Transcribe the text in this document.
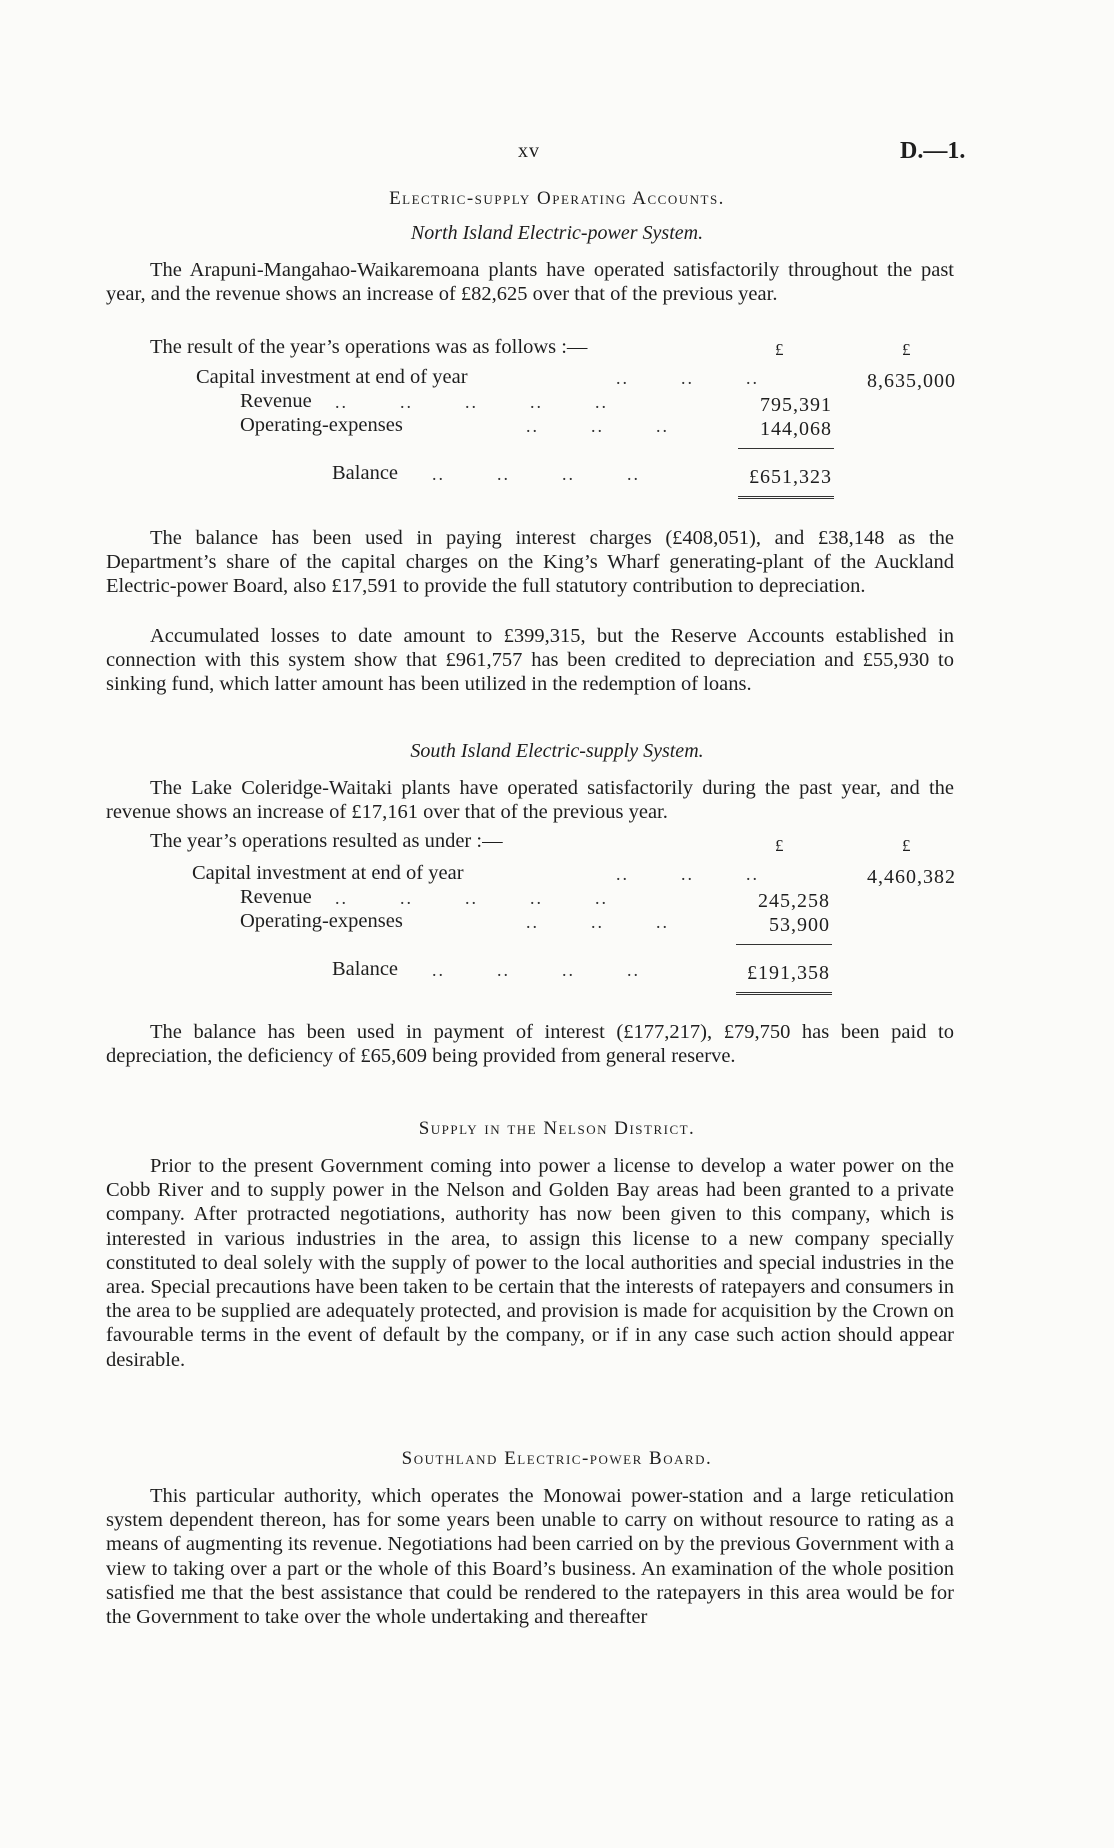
xv	D.—1.
Electric-supply Operating Accounts.
North Island Electric-power System.

The Arapuni-Mangahao-Waikaremoana plants have operated satisfactorily throughout the past year, and the revenue shows an increase of £82,625 over that of the previous year.

The result of the year’s operations was as follows :—	£	£
Capital investment at end of year	..        ..        ..	8,635,000
Revenue ..        ..        ..        ..        ..	795,391
Operating-expenses	..        ..        ..	144,068
Balance ..        ..        ..        ..	£651,323

The balance has been used in paying interest charges (£408,051), and £38,148 as the Department’s share of the capital charges on the King’s Wharf generating-plant of the Auckland Electric-power Board, also £17,591 to provide the full statutory contribution to depreciation.

Accumulated losses to date amount to £399,315, but the Reserve Accounts established in connection with this system show that £961,757 has been credited to depreciation and £55,930 to sinking fund, which latter amount has been utilized in the redemption of loans.

South Island Electric-supply System.

The Lake Coleridge-Waitaki plants have operated satisfactorily during the past year, and the revenue shows an increase of £17,161 over that of the previous year.

The year’s operations resulted as under :—	£	£
Capital investment at end of year	..        ..        ..	4,460,382
Revenue ..        ..        ..        ..        ..	245,258
Operating-expenses	..        ..        ..	53,900
Balance ..        ..        ..        ..	£191,358

The balance has been used in payment of interest (£177,217), £79,750 has been paid to depreciation, the deficiency of £65,609 being provided from general reserve.

Supply in the Nelson District.

Prior to the present Government coming into power a license to develop a water power on the Cobb River and to supply power in the Nelson and Golden Bay areas had been granted to a private company. After protracted negotiations, authority has now been given to this company, which is interested in various industries in the area, to assign this license to a new company specially constituted to deal solely with the supply of power to the local authorities and special industries in the area. Special precautions have been taken to be certain that the interests of ratepayers and consumers in the area to be supplied are adequately protected, and provision is made for acquisition by the Crown on favourable terms in the event of default by the company, or if in any case such action should appear desirable.

Southland Electric-power Board.

This particular authority, which operates the Monowai power-station and a large reticulation system dependent thereon, has for some years been unable to carry on without resource to rating as a means of augmenting its revenue. Negotiations had been carried on by the previous Government with a view to taking over a part or the whole of this Board’s business. An examination of the whole position satisfied me that the best assistance that could be rendered to the ratepayers in this area would be for the Government to take over the whole undertaking and thereafter
